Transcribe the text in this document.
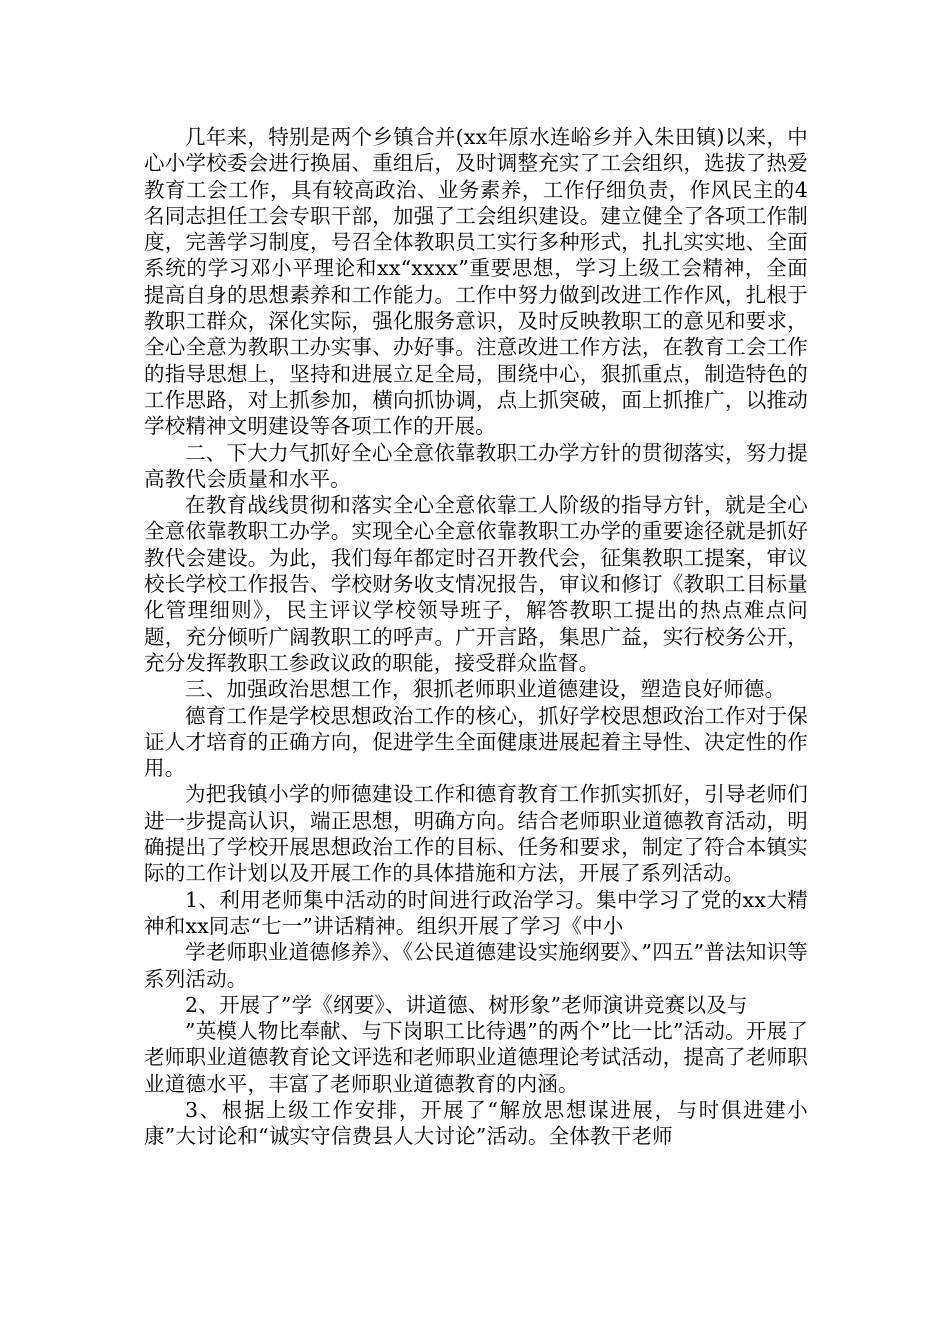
几年来，特别是两个乡镇合并(xx年原水连峪乡并入朱田镇)以来，中心小学校委会进行换届、重组后，及时调整充实了工会组织，选拔了热爱教育工会工作，具有较高政治、业务素养，工作仔细负责，作风民主的4名同志担任工会专职干部，加强了工会组织建设。建立健全了各项工作制度，完善学习制度，号召全体教职员工实行多种形式，扎扎实实地、全面系统的学习邓小平理论和xx“xxxx”重要思想，学习上级工会精神，全面提高自身的思想素养和工作能力。工作中努力做到改进工作作风，扎根于教职工群众，深化实际，强化服务意识，及时反映教职工的意见和要求，全心全意为教职工办实事、办好事。注意改进工作方法，在教育工会工作的指导思想上，坚持和进展立足全局，围绕中心，狠抓重点，制造特色的工作思路，对上抓参加，横向抓协调，点上抓突破，面上抓推广，以推动学校精神文明建设等各项工作的开展。

二、下大力气抓好全心全意依靠教职工办学方针的贯彻落实，努力提高教代会质量和水平。

在教育战线贯彻和落实全心全意依靠工人阶级的指导方针，就是全心全意依靠教职工办学。实现全心全意依靠教职工办学的重要途径就是抓好教代会建设。为此，我们每年都定时召开教代会，征集教职工提案，审议校长学校工作报告、学校财务收支情况报告，审议和修订《教职工目标量化管理细则》，民主评议学校领导班子，解答教职工提出的热点难点问题，充分倾听广阔教职工的呼声。广开言路，集思广益，实行校务公开，充分发挥教职工参政议政的职能，接受群众监督。

三、加强政治思想工作，狠抓老师职业道德建设，塑造良好师德。

德育工作是学校思想政治工作的核心，抓好学校思想政治工作对于保证人才培育的正确方向，促进学生全面健康进展起着主导性、决定性的作用。

为把我镇小学的师德建设工作和德育教育工作抓实抓好，引导老师们进一步提高认识，端正思想，明确方向。结合老师职业道德教育活动，明确提出了学校开展思想政治工作的目标、任务和要求，制定了符合本镇实际的工作计划以及开展工作的具体措施和方法，开展了系列活动。

1、利用老师集中活动的时间进行政治学习。集中学习了党的xx大精神和xx同志“七一”讲话精神。组织开展了学习《中小

学老师职业道德修养》、《公民道德建设实施纲要》、”四五”普法知识等系列活动。

2、开展了”学《纲要》、讲道德、树形象”老师演讲竞赛以及与

”英模人物比奉献、与下岗职工比待遇”的两个”比一比”活动。开展了老师职业道德教育论文评选和老师职业道德理论考试活动，提高了老师职业道德水平，丰富了老师职业道德教育的内涵。

3、根据上级工作安排，开展了“解放思想谋进展，与时俱进建小康”大讨论和“诚实守信费县人大讨论”活动。全体教干老师
